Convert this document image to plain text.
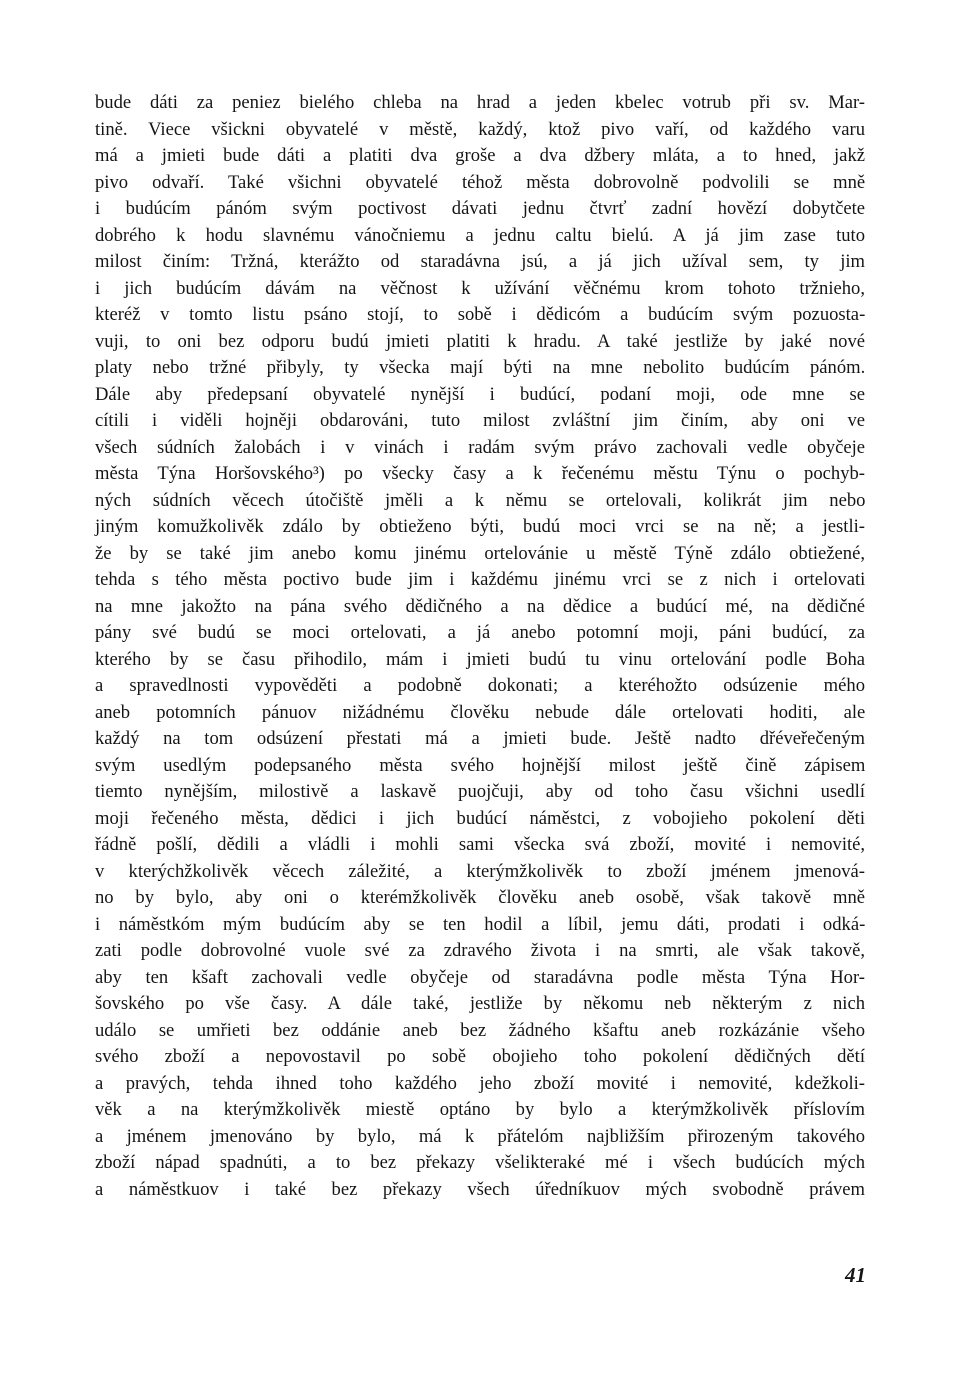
bude dáti za peniez bielého chleba na hrad a jeden kbelec votrub při sv. Mar-
tině. Viece všickni obyvatelé v městě, každý, ktož pivo vaří, od každého varu
má a jmieti bude dáti a platiti dva groše a dva džbery mláta, a to hned, jakž
pivo odvaří. Také všichni obyvatelé téhož města dobrovolně podvolili se mně
i budúcím pánóm svým poctivost dávati jednu čtvrť zadní hovězí dobytčete
dobrého k hodu slavnému vánočniemu a jednu caltu bielú. A já jim zase tuto
milost činím: Tržná, kterážto od staradávna jsú, a já jich užíval sem, ty jim
i jich budúcím dávám na věčnost k užívání věčnému krom tohoto tržnieho,
kteréž v tomto listu psáno stojí, to sobě i dědicóm a budúcím svým pozuosta-
vuji, to oni bez odporu budú jmieti platiti k hradu. A také jestliže by jaké nové
platy nebo tržné přibyly, ty všecka mají býti na mne nebolito budúcím pánóm.
Dále aby předepsaní obyvatelé nynější i budúcí, podaní moji, ode mne se
cítili i viděli hojněji obdarováni, tuto milost zvláštní jim činím, aby oni ve
všech súdních žalobách i v vinách i radám svým právo zachovali vedle obyčeje
města Týna Horšovského³) po všecky časy a k řečenému městu Týnu o pochyb-
ných súdních věcech útočiště jměli a k němu se ortelovali, kolikrát jim nebo
jiným komužkolivěk zdálo by obtieženo býti, budú moci vrci se na ně; a jestli-
že by se také jim anebo komu jinému ortelovánie u městě Týně zdálo obtiežené,
tehda s tého města poctivo bude jim i každému jinému vrci se z nich i ortelovati
na mne jakožto na pána svého dědičného a na dědice a budúcí mé, na dědičné
pány své budú se moci ortelovati, a já anebo potomní moji, páni budúcí, za
kterého by se času přihodilo, mám i jmieti budú tu vinu ortelování podle Boha
a spravedlnosti vypověděti a podobně dokonati; a kteréhožto odsúzenie mého
aneb potomních pánuov nižádnému člověku nebude dále ortelovati hoditi, ale
každý na tom odsúzení přestati má a jmieti bude. Ještě nadto dřéveřečeným
svým usedlým podepsaného města svého hojnější milost ještě čině zápisem
tiemto nynějším, milostivě a laskavě puojčuji, aby od toho času všichni usedlí
moji řečeného města, dědici i jich budúcí náměstci, z vobojieho pokolení děti
řádně pošlí, dědili a vládli i mohli sami všecka svá zboží, movité i nemovité,
v kterýchžkolivěk věcech záležité, a kterýmžkolivěk to zboží jménem jmenová-
no by bylo, aby oni o kterémžkolivěk člověku aneb osobě, však takově mně
i náměstkóm mým budúcím aby se ten hodil a líbil, jemu dáti, prodati i odká-
zati podle dobrovolné vuole své za zdravého života i na smrti, ale však takově,
aby ten kšaft zachovali vedle obyčeje od staradávna podle města Týna Hor-
šovského po vše časy. A dále také, jestliže by někomu neb některým z nich
událo se umřieti bez oddánie aneb bez žádného kšaftu aneb rozkázánie všeho
svého zboží a nepovostavil po sobě obojieho toho pokolení dědičných dětí
a pravých, tehda ihned toho každého jeho zboží movité i nemovité, kdežkoli-
věk a na kterýmžkolivěk miestě optáno by bylo a kterýmžkolivěk příslovím
a jménem jmenováno by bylo, má k přátelóm najbližším přirozeným takového
zboží nápad spadnúti, a to bez překazy všelikteraké mé i všech budúcích mých
a náměstkuov i také bez překazy všech úředníkuov mých svobodně právem
41
